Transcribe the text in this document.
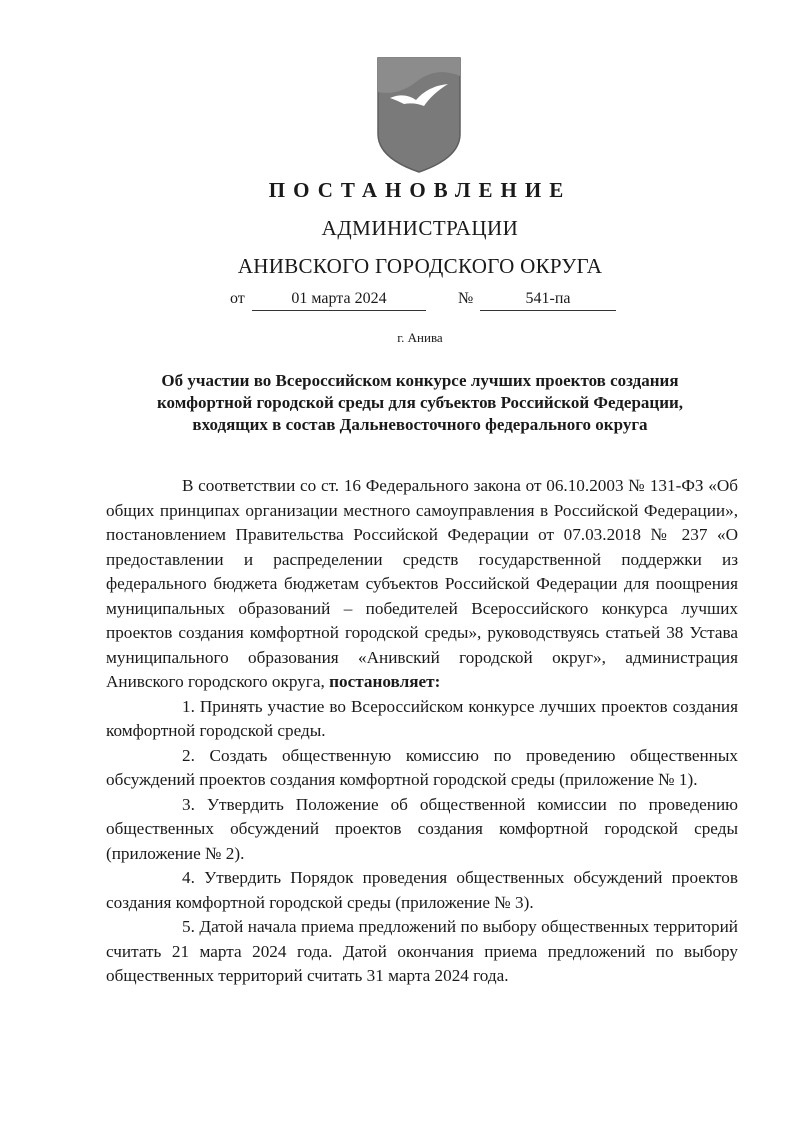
ПОСТАНОВЛЕНИЕ
АДМИНИСТРАЦИИ
АНИВСКОГО ГОРОДСКОГО ОКРУГА
от	01 марта 2024	№	541-па
г. Анива
Об участии во Всероссийском конкурсе лучших проектов создания
комфортной городской среды для субъектов Российской Федерации,
входящих в состав Дальневосточного федерального округа

В соответствии со ст. 16 Федерального закона от 06.10.2003 № 131-ФЗ «Об общих принципах организации местного самоуправления в Российской Федерации», постановлением Правительства Российской Федерации от 07.03.2018 № 237 «О предоставлении и распределении средств государственной поддержки из федерального бюджета бюджетам субъектов Российской Федерации для поощрения муниципальных образований – победителей Всероссийского конкурса лучших проектов создания комфортной городской среды», руководствуясь статьей 38 Устава муниципального образования «Анивский городской округ», администрация Анивского городского округа, постановляет:

1. Принять участие во Всероссийском конкурсе лучших проектов создания комфортной городской среды.

2. Создать общественную комиссию по проведению общественных обсуждений проектов создания комфортной городской среды (приложение № 1).

3. Утвердить Положение об общественной комиссии по проведению общественных обсуждений проектов создания комфортной городской среды (приложение № 2).

4. Утвердить Порядок проведения общественных обсуждений проектов создания комфортной городской среды (приложение № 3).

5. Датой начала приема предложений по выбору общественных территорий считать 21 марта 2024 года. Датой окончания приема предложений по выбору общественных территорий считать 31 марта 2024 года.
